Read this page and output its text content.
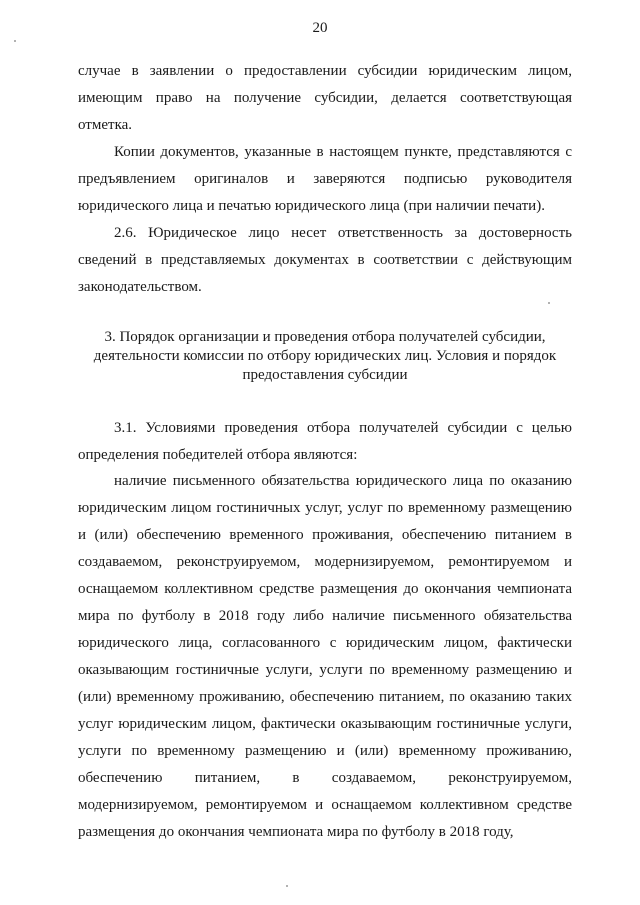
20

случае в заявлении о предоставлении субсидии юридическим лицом, имеющим право на получение субсидии, делается соответствующая отметка.

Копии документов, указанные в настоящем пункте, представляются с предъявлением оригиналов и заверяются подписью руководителя юридического лица и печатью юридического лица (при наличии печати).

2.6. Юридическое лицо несет ответственность за достоверность сведений в представляемых документах в соответствии с действующим законодательством.

3. Порядок организации и проведения отбора получателей субсидии,
деятельности комиссии по отбору юридических лиц. Условия и порядок
предоставления субсидии

3.1. Условиями проведения отбора получателей субсидии с целью определения победителей отбора являются:

наличие письменного обязательства юридического лица по оказанию юридическим лицом гостиничных услуг, услуг по временному размещению и (или) обеспечению временного проживания, обеспечению питанием в создаваемом, реконструируемом, модернизируемом, ремонтируемом и оснащаемом коллективном средстве размещения до окончания чемпионата мира по футболу в 2018 году либо наличие письменного обязательства юридического лица, согласованного с юридическим лицом, фактически оказывающим гостиничные услуги, услуги по временному размещению и (или) временному проживанию, обеспечению питанием, по оказанию таких услуг юридическим лицом, фактически оказывающим гостиничные услуги, услуги по временному размещению и (или) временному проживанию, обеспечению питанием, в создаваемом, реконструируемом, модернизируемом, ремонтируемом и оснащаемом коллективном средстве размещения до окончания чемпионата мира по футболу в 2018 году,
